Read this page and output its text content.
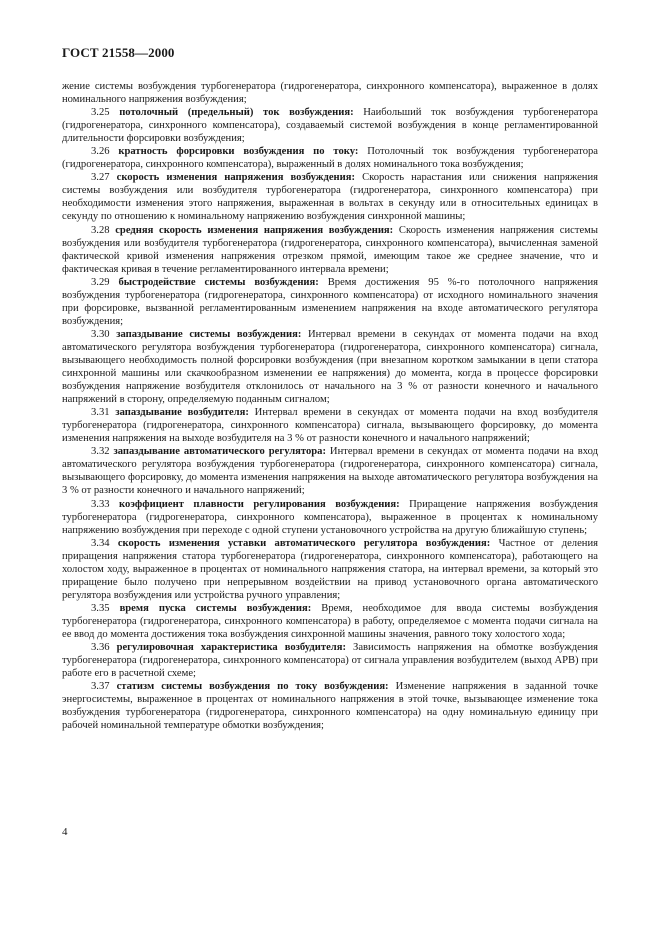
ГОСТ 21558—2000

жение системы возбуждения турбогенератора (гидрогенератора, синхронного компенсатора), выраженное в долях номинального напряжения возбуждения;

3.25 потолочный (предельный) ток возбуждения: Наибольший ток возбуждения турбогенератора (гидрогенератора, синхронного компенсатора), создаваемый системой возбуждения в конце регламентированной длительности форсировки возбуждения;

3.26 кратность форсировки возбуждения по току: Потолочный ток возбуждения турбогенератора (гидрогенератора, синхронного компенсатора), выраженный в долях номинального тока возбуждения;

3.27 скорость изменения напряжения возбуждения: Скорость нарастания или снижения напряжения системы возбуждения или возбудителя турбогенератора (гидрогенератора, синхронного компенсатора) при необходимости изменения этого напряжения, выраженная в вольтах в секунду или в относительных единицах в секунду по отношению к номинальному напряжению возбуждения синхронной машины;

3.28 средняя скорость изменения напряжения возбуждения: Скорость изменения напряжения системы возбуждения или возбудителя турбогенератора (гидрогенератора, синхронного компенсатора), вычисленная заменой фактической кривой изменения напряжения отрезком прямой, имеющим такое же среднее значение, что и фактическая кривая в течение регламентированного интервала времени;

3.29 быстродействие системы возбуждения: Время достижения 95 %-го потолочного напряжения возбуждения турбогенератора (гидрогенератора, синхронного компенсатора) от исходного номинального значения при форсировке, вызванной регламентированным изменением напряжения на входе автоматического регулятора возбуждения;

3.30 запаздывание системы возбуждения: Интервал времени в секундах от момента подачи на вход автоматического регулятора возбуждения турбогенератора (гидрогенератора, синхронного компенсатора) сигнала, вызывающего необходимость полной форсировки возбуждения (при внезапном коротком замыкании в цепи статора синхронной машины или скачкообразном изменении ее напряжения) до момента, когда в процессе форсировки возбуждения напряжение возбудителя отклонилось от начального на 3 % от разности конечного и начального напряжений в сторону, определяемую поданным сигналом;

3.31 запаздывание возбудителя: Интервал времени в секундах от момента подачи на вход возбудителя турбогенератора (гидрогенератора, синхронного компенсатора) сигнала, вызывающего форсировку, до момента изменения напряжения на выходе возбудителя на 3 % от разности конечного и начального напряжений;

3.32 запаздывание автоматического регулятора: Интервал времени в секундах от момента подачи на вход автоматического регулятора возбуждения турбогенератора (гидрогенератора, синхронного компенсатора) сигнала, вызывающего форсировку, до момента изменения напряжения на выходе автоматического регулятора возбуждения на 3 % от разности конечного и начального напряжений;

3.33 коэффициент плавности регулирования возбуждения: Приращение напряжения возбуждения турбогенератора (гидрогенератора, синхронного компенсатора), выраженное в процентах к номинальному напряжению возбуждения при переходе с одной ступени установочного устройства на другую ближайшую ступень;

3.34 скорость изменения уставки автоматического регулятора возбуждения: Частное от деления приращения напряжения статора турбогенератора (гидрогенератора, синхронного компенсатора), работающего на холостом ходу, выраженное в процентах от номинального напряжения статора, на интервал времени, за который это приращение было получено при непрерывном воздействии на привод установочного органа автоматического регулятора возбуждения или устройства ручного управления;

3.35 время пуска системы возбуждения: Время, необходимое для ввода системы возбуждения турбогенератора (гидрогенератора, синхронного компенсатора) в работу, определяемое с момента подачи сигнала на ее ввод до момента достижения тока возбуждения синхронной машины значения, равного току холостого хода;

3.36 регулировочная характеристика возбудителя: Зависимость напряжения на обмотке возбуждения турбогенератора (гидрогенератора, синхронного компенсатора) от сигнала управления возбудителем (выход АРВ) при работе его в расчетной схеме;

3.37 статизм системы возбуждения по току возбуждения: Изменение напряжения в заданной точке энергосистемы, выраженное в процентах от номинального напряжения в этой точке, вызывающее изменение тока возбуждения турбогенератора (гидрогенератора, синхронного компенсатора) на одну номинальную единицу при рабочей номинальной температуре обмотки возбуждения;

4
